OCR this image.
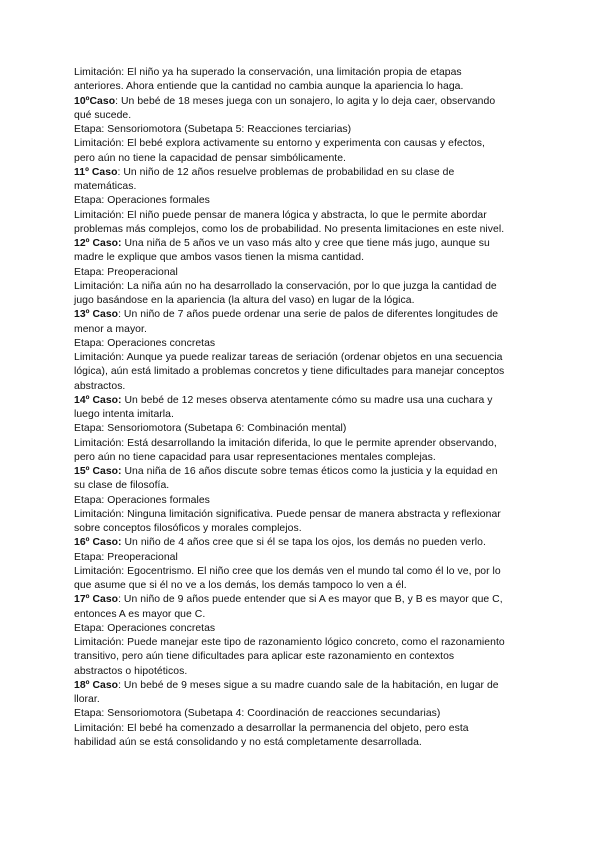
Limitación: El niño ya ha superado la conservación, una limitación propia de etapas
anteriores. Ahora entiende que la cantidad no cambia aunque la apariencia lo haga.
10ºCaso: Un bebé de 18 meses juega con un sonajero, lo agita y lo deja caer, observando
qué sucede.
Etapa: Sensoriomotora (Subetapa 5: Reacciones terciarias)
Limitación: El bebé explora activamente su entorno y experimenta con causas y efectos,
pero aún no tiene la capacidad de pensar simbólicamente.
11º Caso: Un niño de 12 años resuelve problemas de probabilidad en su clase de
matemáticas.
Etapa: Operaciones formales
Limitación: El niño puede pensar de manera lógica y abstracta, lo que le permite abordar
problemas más complejos, como los de probabilidad. No presenta limitaciones en este nivel.
12º Caso: Una niña de 5 años ve un vaso más alto y cree que tiene más jugo, aunque su
madre le explique que ambos vasos tienen la misma cantidad.
Etapa: Preoperacional
Limitación: La niña aún no ha desarrollado la conservación, por lo que juzga la cantidad de
jugo basándose en la apariencia (la altura del vaso) en lugar de la lógica.
13º Caso: Un niño de 7 años puede ordenar una serie de palos de diferentes longitudes de
menor a mayor.
Etapa: Operaciones concretas
Limitación: Aunque ya puede realizar tareas de seriación (ordenar objetos en una secuencia
lógica), aún está limitado a problemas concretos y tiene dificultades para manejar conceptos
abstractos.
14º Caso: Un bebé de 12 meses observa atentamente cómo su madre usa una cuchara y
luego intenta imitarla.
Etapa: Sensoriomotora (Subetapa 6: Combinación mental)
Limitación: Está desarrollando la imitación diferida, lo que le permite aprender observando,
pero aún no tiene capacidad para usar representaciones mentales complejas.
15º Caso: Una niña de 16 años discute sobre temas éticos como la justicia y la equidad en
su clase de filosofía.
Etapa: Operaciones formales
Limitación: Ninguna limitación significativa. Puede pensar de manera abstracta y reflexionar
sobre conceptos filosóficos y morales complejos.
16º Caso: Un niño de 4 años cree que si él se tapa los ojos, los demás no pueden verlo.
Etapa: Preoperacional
Limitación: Egocentrismo. El niño cree que los demás ven el mundo tal como él lo ve, por lo
que asume que si él no ve a los demás, los demás tampoco lo ven a él.
17º Caso: Un niño de 9 años puede entender que si A es mayor que B, y B es mayor que C,
entonces A es mayor que C.
Etapa: Operaciones concretas
Limitación: Puede manejar este tipo de razonamiento lógico concreto, como el razonamiento
transitivo, pero aún tiene dificultades para aplicar este razonamiento en contextos
abstractos o hipotéticos.
18º Caso: Un bebé de 9 meses sigue a su madre cuando sale de la habitación, en lugar de
llorar.
Etapa: Sensoriomotora (Subetapa 4: Coordinación de reacciones secundarias)
Limitación: El bebé ha comenzado a desarrollar la permanencia del objeto, pero esta
habilidad aún se está consolidando y no está completamente desarrollada.
